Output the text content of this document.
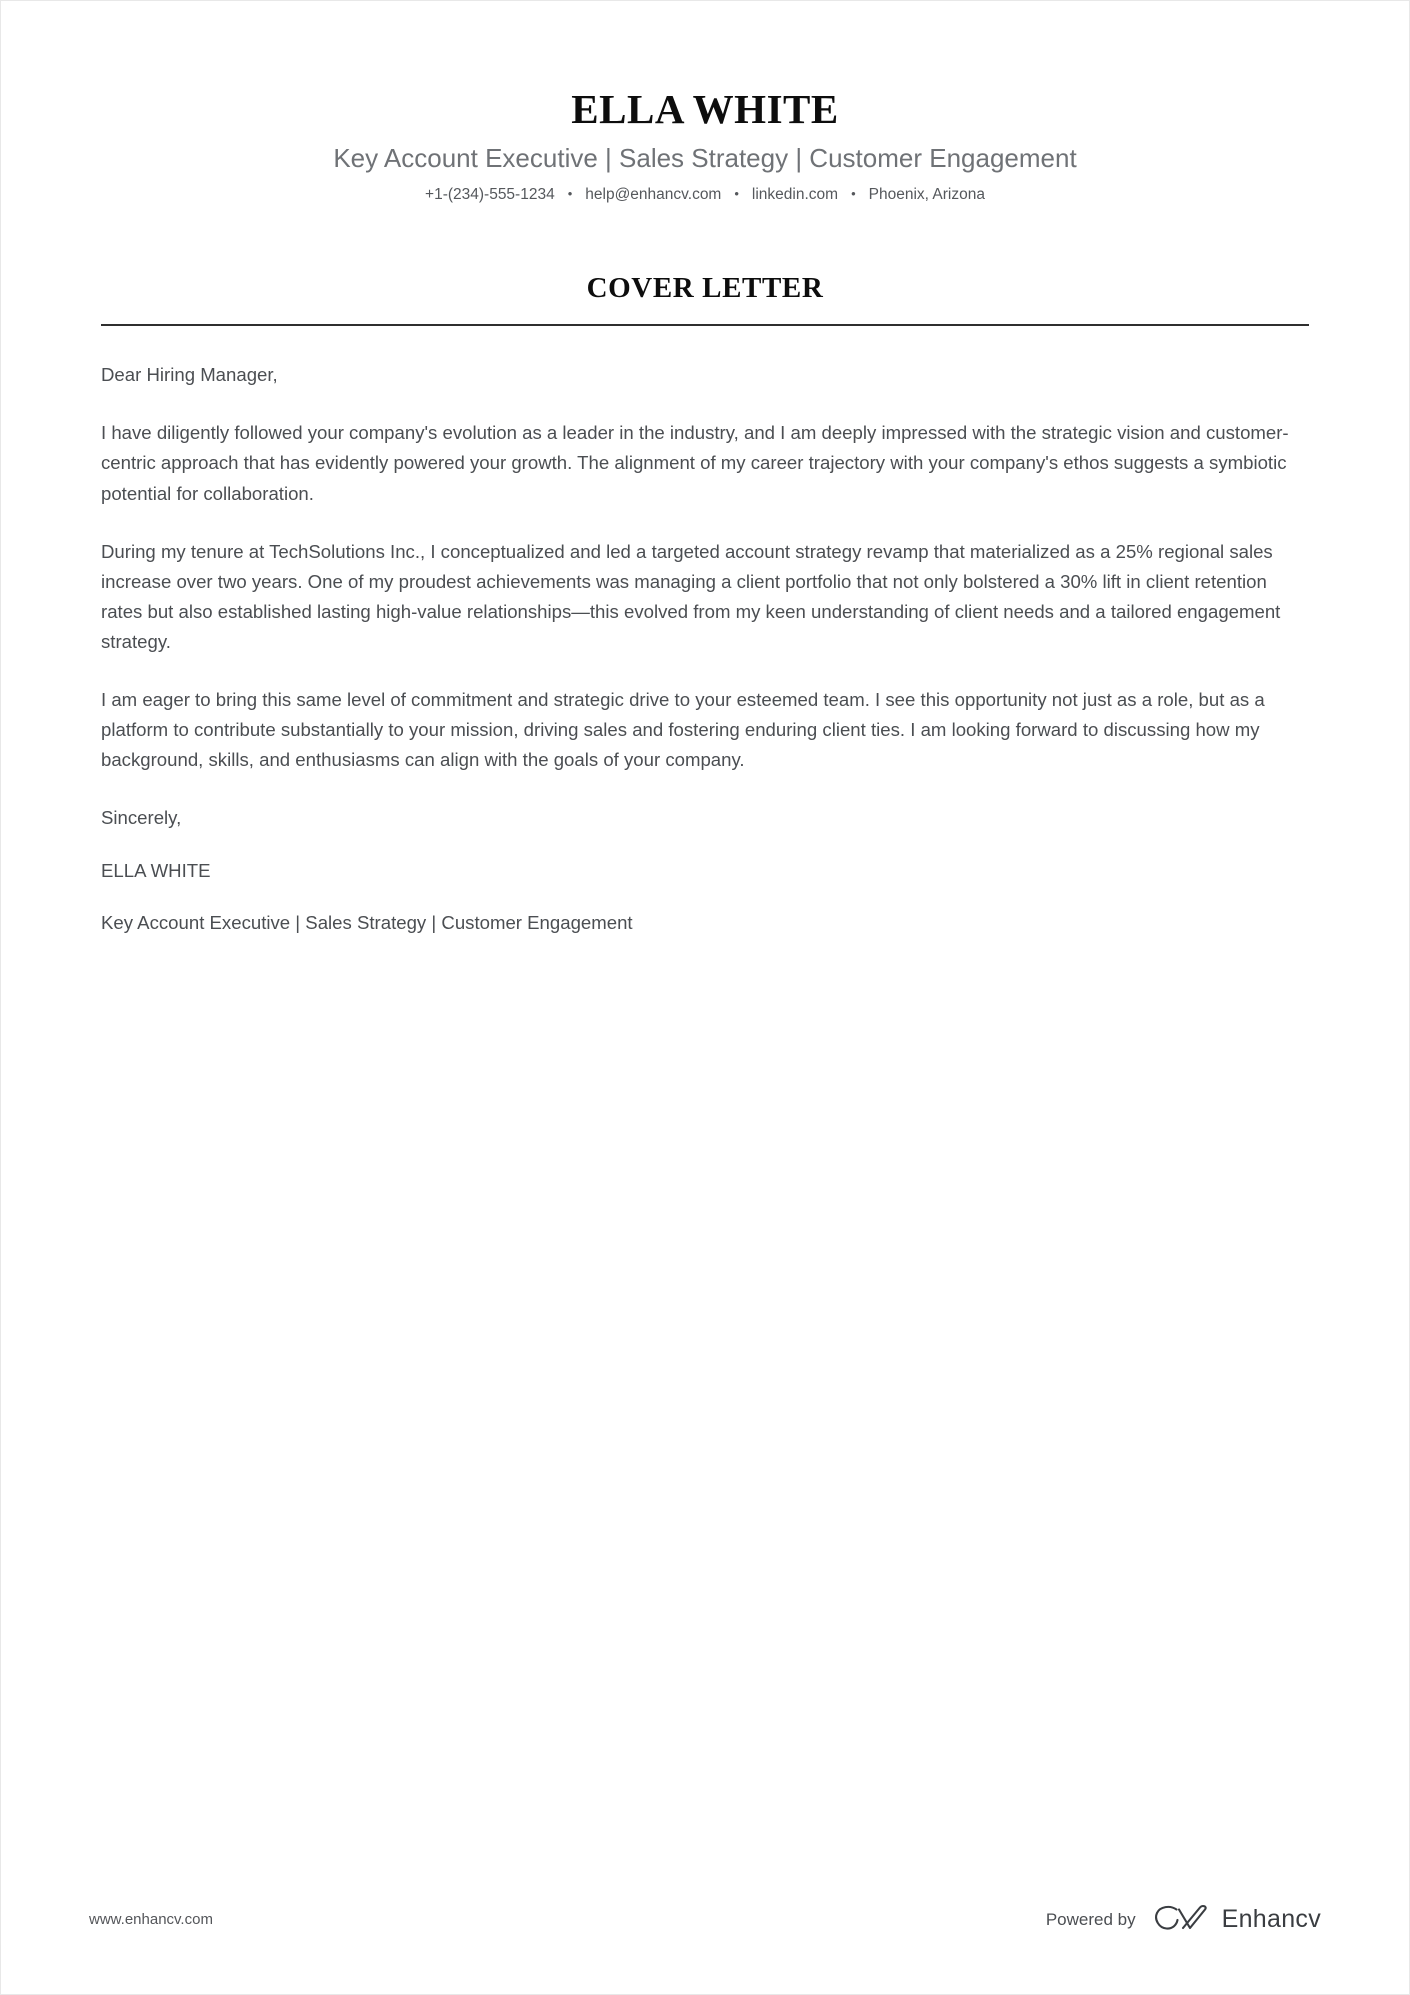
ELLA WHITE
Key Account Executive | Sales Strategy | Customer Engagement
+1-(234)-555-1234 • help@enhancv.com • linkedin.com • Phoenix, Arizona
COVER LETTER

Dear Hiring Manager,

I have diligently followed your company's evolution as a leader in the industry, and I am deeply impressed with the strategic vision and customer-centric approach that has evidently powered your growth. The alignment of my career trajectory with your company's ethos suggests a symbiotic potential for collaboration.

During my tenure at TechSolutions Inc., I conceptualized and led a targeted account strategy revamp that materialized as a 25% regional sales increase over two years. One of my proudest achievements was managing a client portfolio that not only bolstered a 30% lift in client retention rates but also established lasting high-value relationships—this evolved from my keen understanding of client needs and a tailored engagement strategy.

I am eager to bring this same level of commitment and strategic drive to your esteemed team. I see this opportunity not just as a role, but as a platform to contribute substantially to your mission, driving sales and fostering enduring client ties. I am looking forward to discussing how my background, skills, and enthusiasms can align with the goals of your company.

Sincerely,

ELLA WHITE

Key Account Executive | Sales Strategy | Customer Engagement

www.enhancv.com	Powered by	Enhancv
